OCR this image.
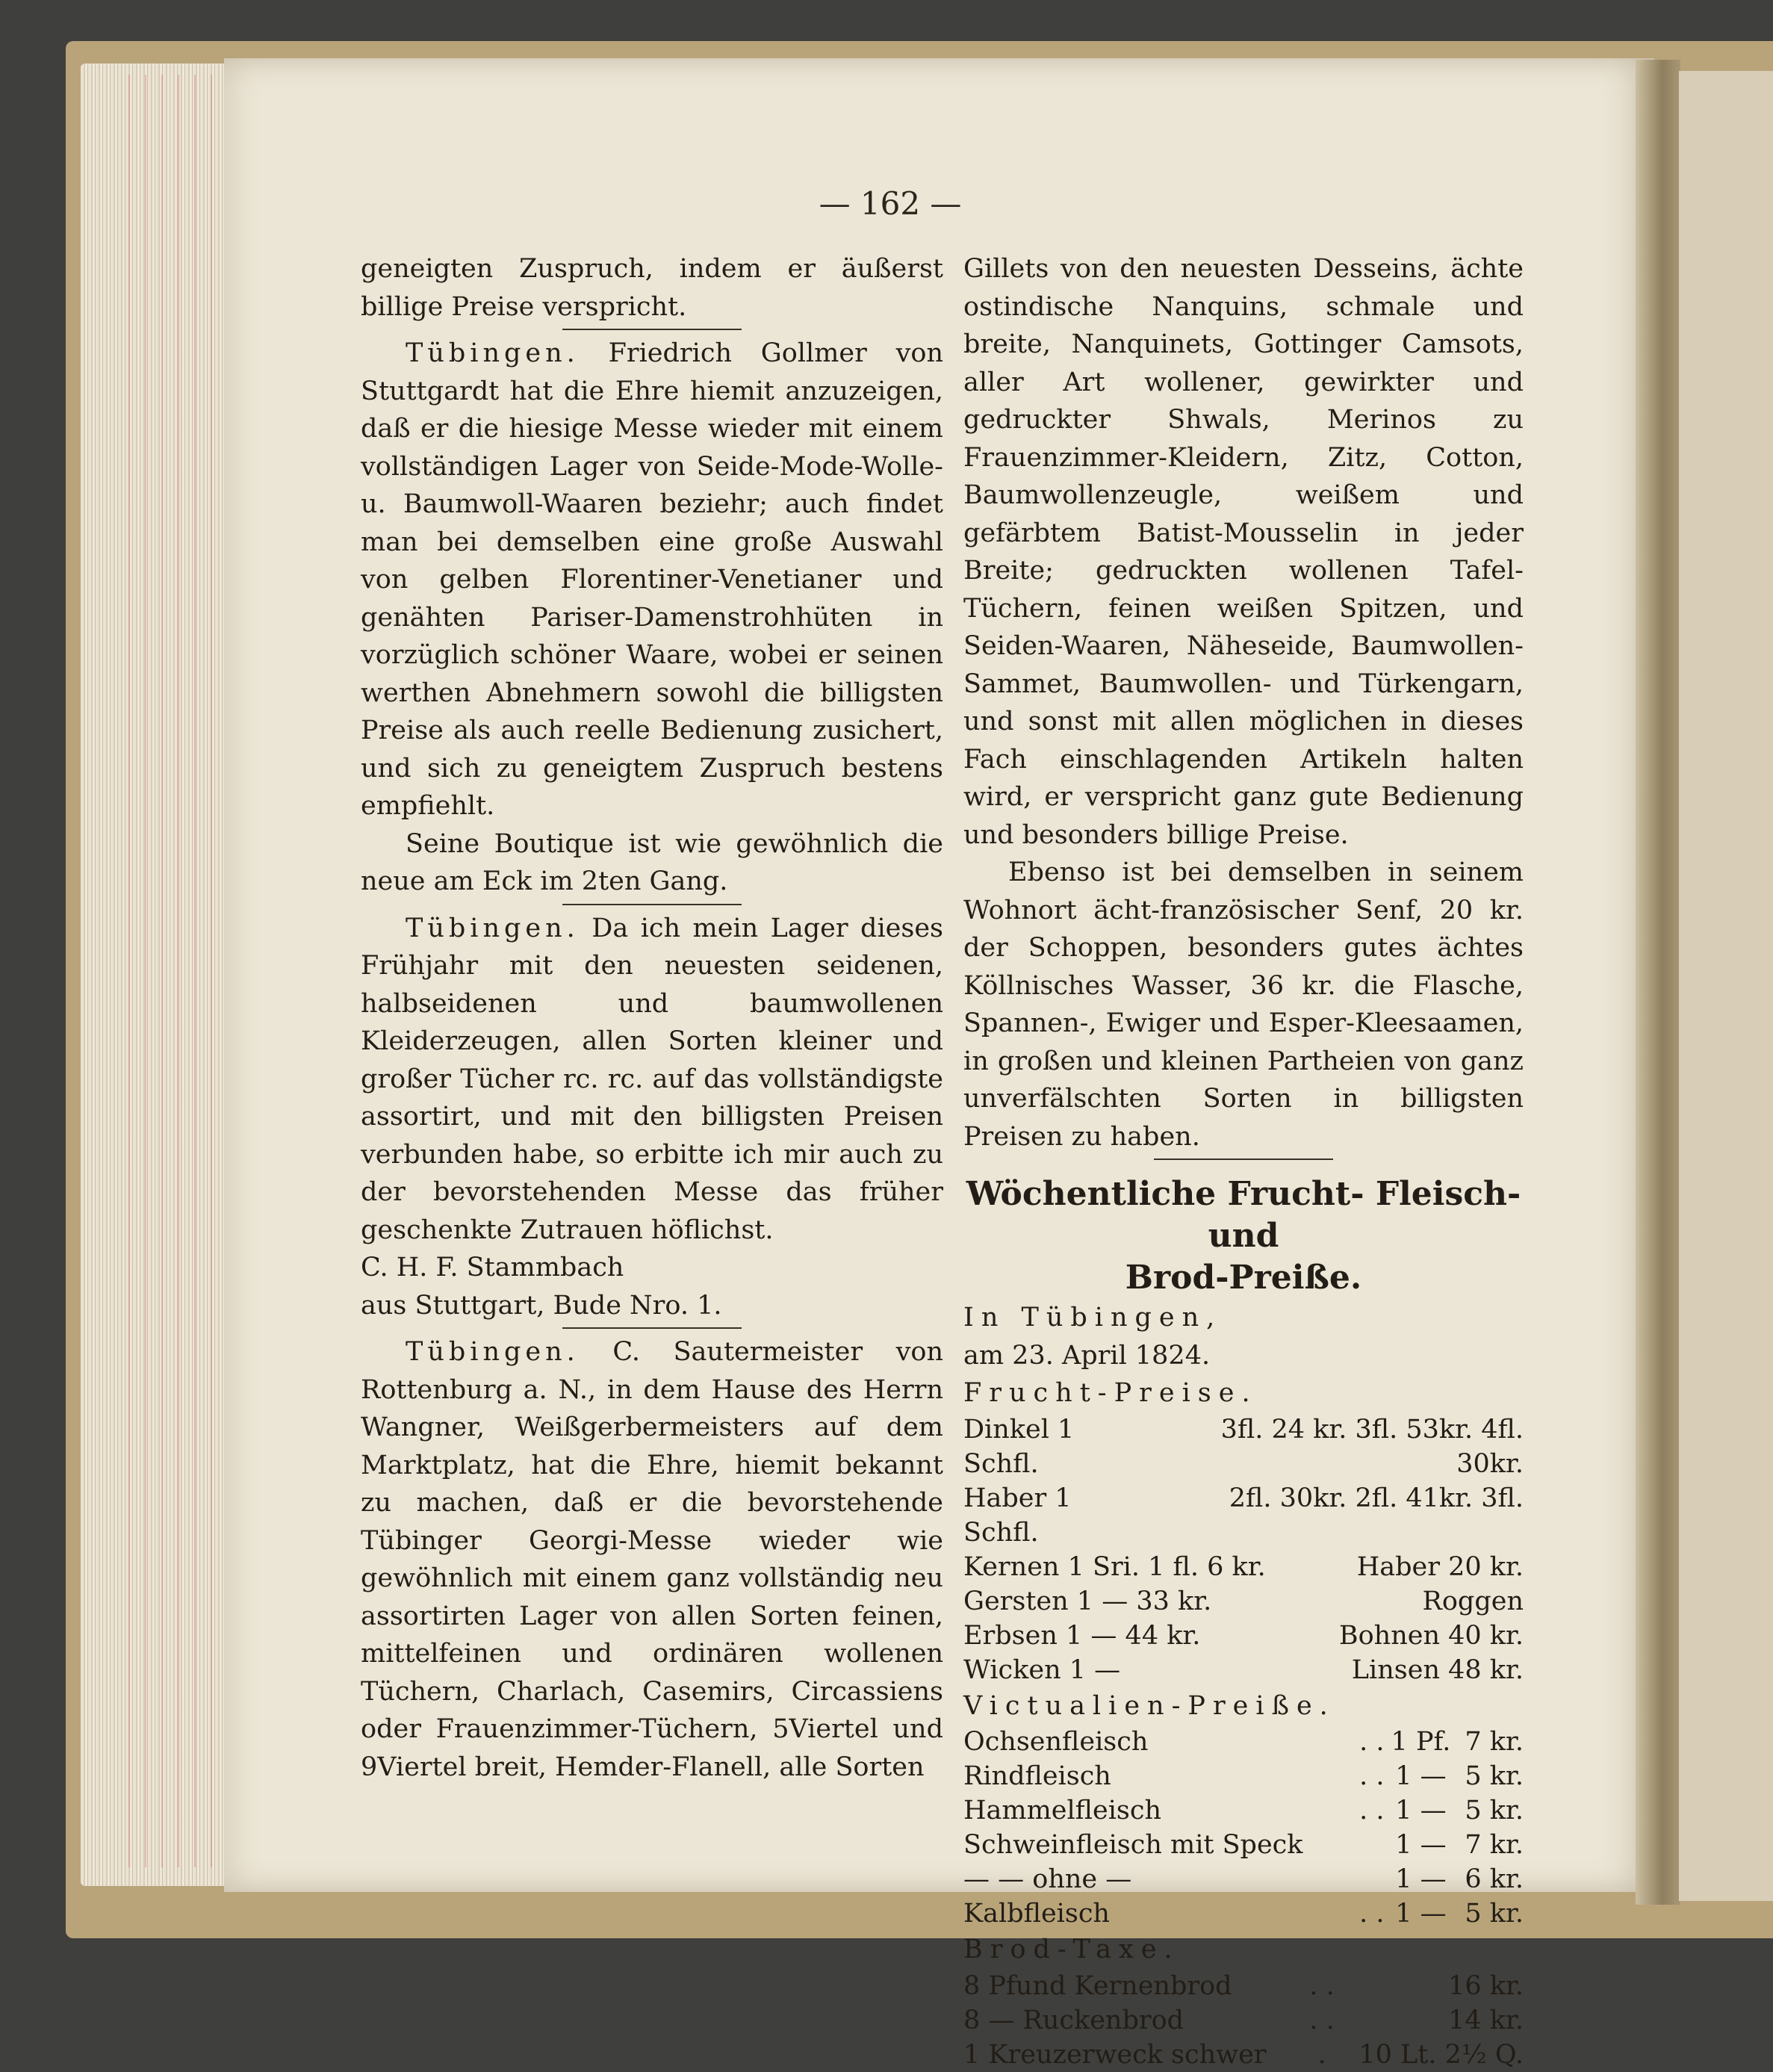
— 162 —

geneigten Zuspruch, indem er äußerst billige Preise verspricht.

Tübingen. Friedrich Gollmer von Stuttgardt hat die Ehre hiemit anzuzeigen, daß er die hiesige Messe wieder mit einem vollständigen Lager von Seide-Mode-Wolle- u. Baumwoll-Waaren beziehr; auch findet man bei demselben eine große Auswahl von gelben Florentiner-Venetianer und genähten Pariser-Damenstrohhüten in vorzüglich schöner Waare, wobei er seinen werthen Abnehmern sowohl die billigsten Preise als auch reelle Bedienung zusichert, und sich zu geneigtem Zuspruch bestens empfiehlt.

Seine Boutique ist wie gewöhnlich die neue am Eck im 2ten Gang.

Tübingen. Da ich mein Lager dieses Frühjahr mit den neuesten seidenen, halbseidenen und baumwollenen Kleiderzeugen, allen Sorten kleiner und großer Tücher rc. rc. auf das vollständigste assortirt, und mit den billigsten Preisen verbunden habe, so erbitte ich mir auch zu der bevorstehenden Messe das früher geschenkte Zutrauen höflichst.

C. H. F. Stammbach

aus Stuttgart, Bude Nro. 1.

Tübingen. C. Sautermeister von Rottenburg a. N., in dem Hause des Herrn Wangner, Weißgerbermeisters auf dem Marktplatz, hat die Ehre, hiemit bekannt zu machen, daß er die bevorstehende Tübinger Georgi-Messe wieder wie gewöhnlich mit einem ganz vollständig neu assortirten Lager von allen Sorten feinen, mittelfeinen und ordinären wollenen Tüchern, Charlach, Casemirs, Circassiens oder Frauenzimmer-Tüchern, 5Viertel und 9Viertel breit, Hemder-Flanell, alle Sorten

Gillets von den neuesten Desseins, ächte ostindische Nanquins, schmale und breite, Nanquinets, Gottinger Camsots, aller Art wollener, gewirkter und gedruckter Shwals, Merinos zu Frauenzimmer-Kleidern, Zitz, Cotton, Baumwollenzeugle, weißem und gefärbtem Batist-Mousselin in jeder Breite; gedruckten wollenen Tafel-Tüchern, feinen weißen Spitzen, und Seiden-Waaren, Näheseide, Baumwollen-Sammet, Baumwollen- und Türkengarn, und sonst mit allen möglichen in dieses Fach einschlagenden Artikeln halten wird, er verspricht ganz gute Bedienung und besonders billige Preise.

Ebenso ist bei demselben in seinem Wohnort ächt-französischer Senf, 20 kr. der Schoppen, besonders gutes ächtes Köllnisches Wasser, 36 kr. die Flasche, Spannen-, Ewiger und Esper-Kleesaamen, in großen und kleinen Partheien von ganz unverfälschten Sorten in billigsten Preisen zu haben.

Wöchentliche Frucht- Fleisch- und
Brod-Preiße.

In Tübingen,

am 23. April 1824.

Frucht-Preise.

Dinkel 1 Schfl.	3fl. 24 kr. 3fl. 53kr. 4fl. 30kr.
Haber 1 Schfl.	2fl. 30kr. 2fl. 41kr. 3fl.
Kernen 1 Sri. 1 fl. 6 kr.	Haber 20 kr.
Gersten 1 — 33 kr.	Roggen
Erbsen 1 — 44 kr.	Bohnen 40 kr.
Wicken 1 —	Linsen 48 kr.

Victualien-Preiße.

Ochsenfleisch	. .	1 Pf.	7 kr.
Rindfleisch	. .	1 —	5 kr.
Hammelfleisch	. .	1 —	5 kr.
Schweinfleisch mit Speck		1 —	7 kr.
— — ohne —		1 —	6 kr.
Kalbfleisch	. .	1 —	5 kr.

Brod-Taxe.

8 Pfund Kernenbrod	. .	16 kr.
8 — Ruckenbrod	. .	14 kr.
1 Kreuzerweck schwer	.	10 Lt. 2½ Q.
